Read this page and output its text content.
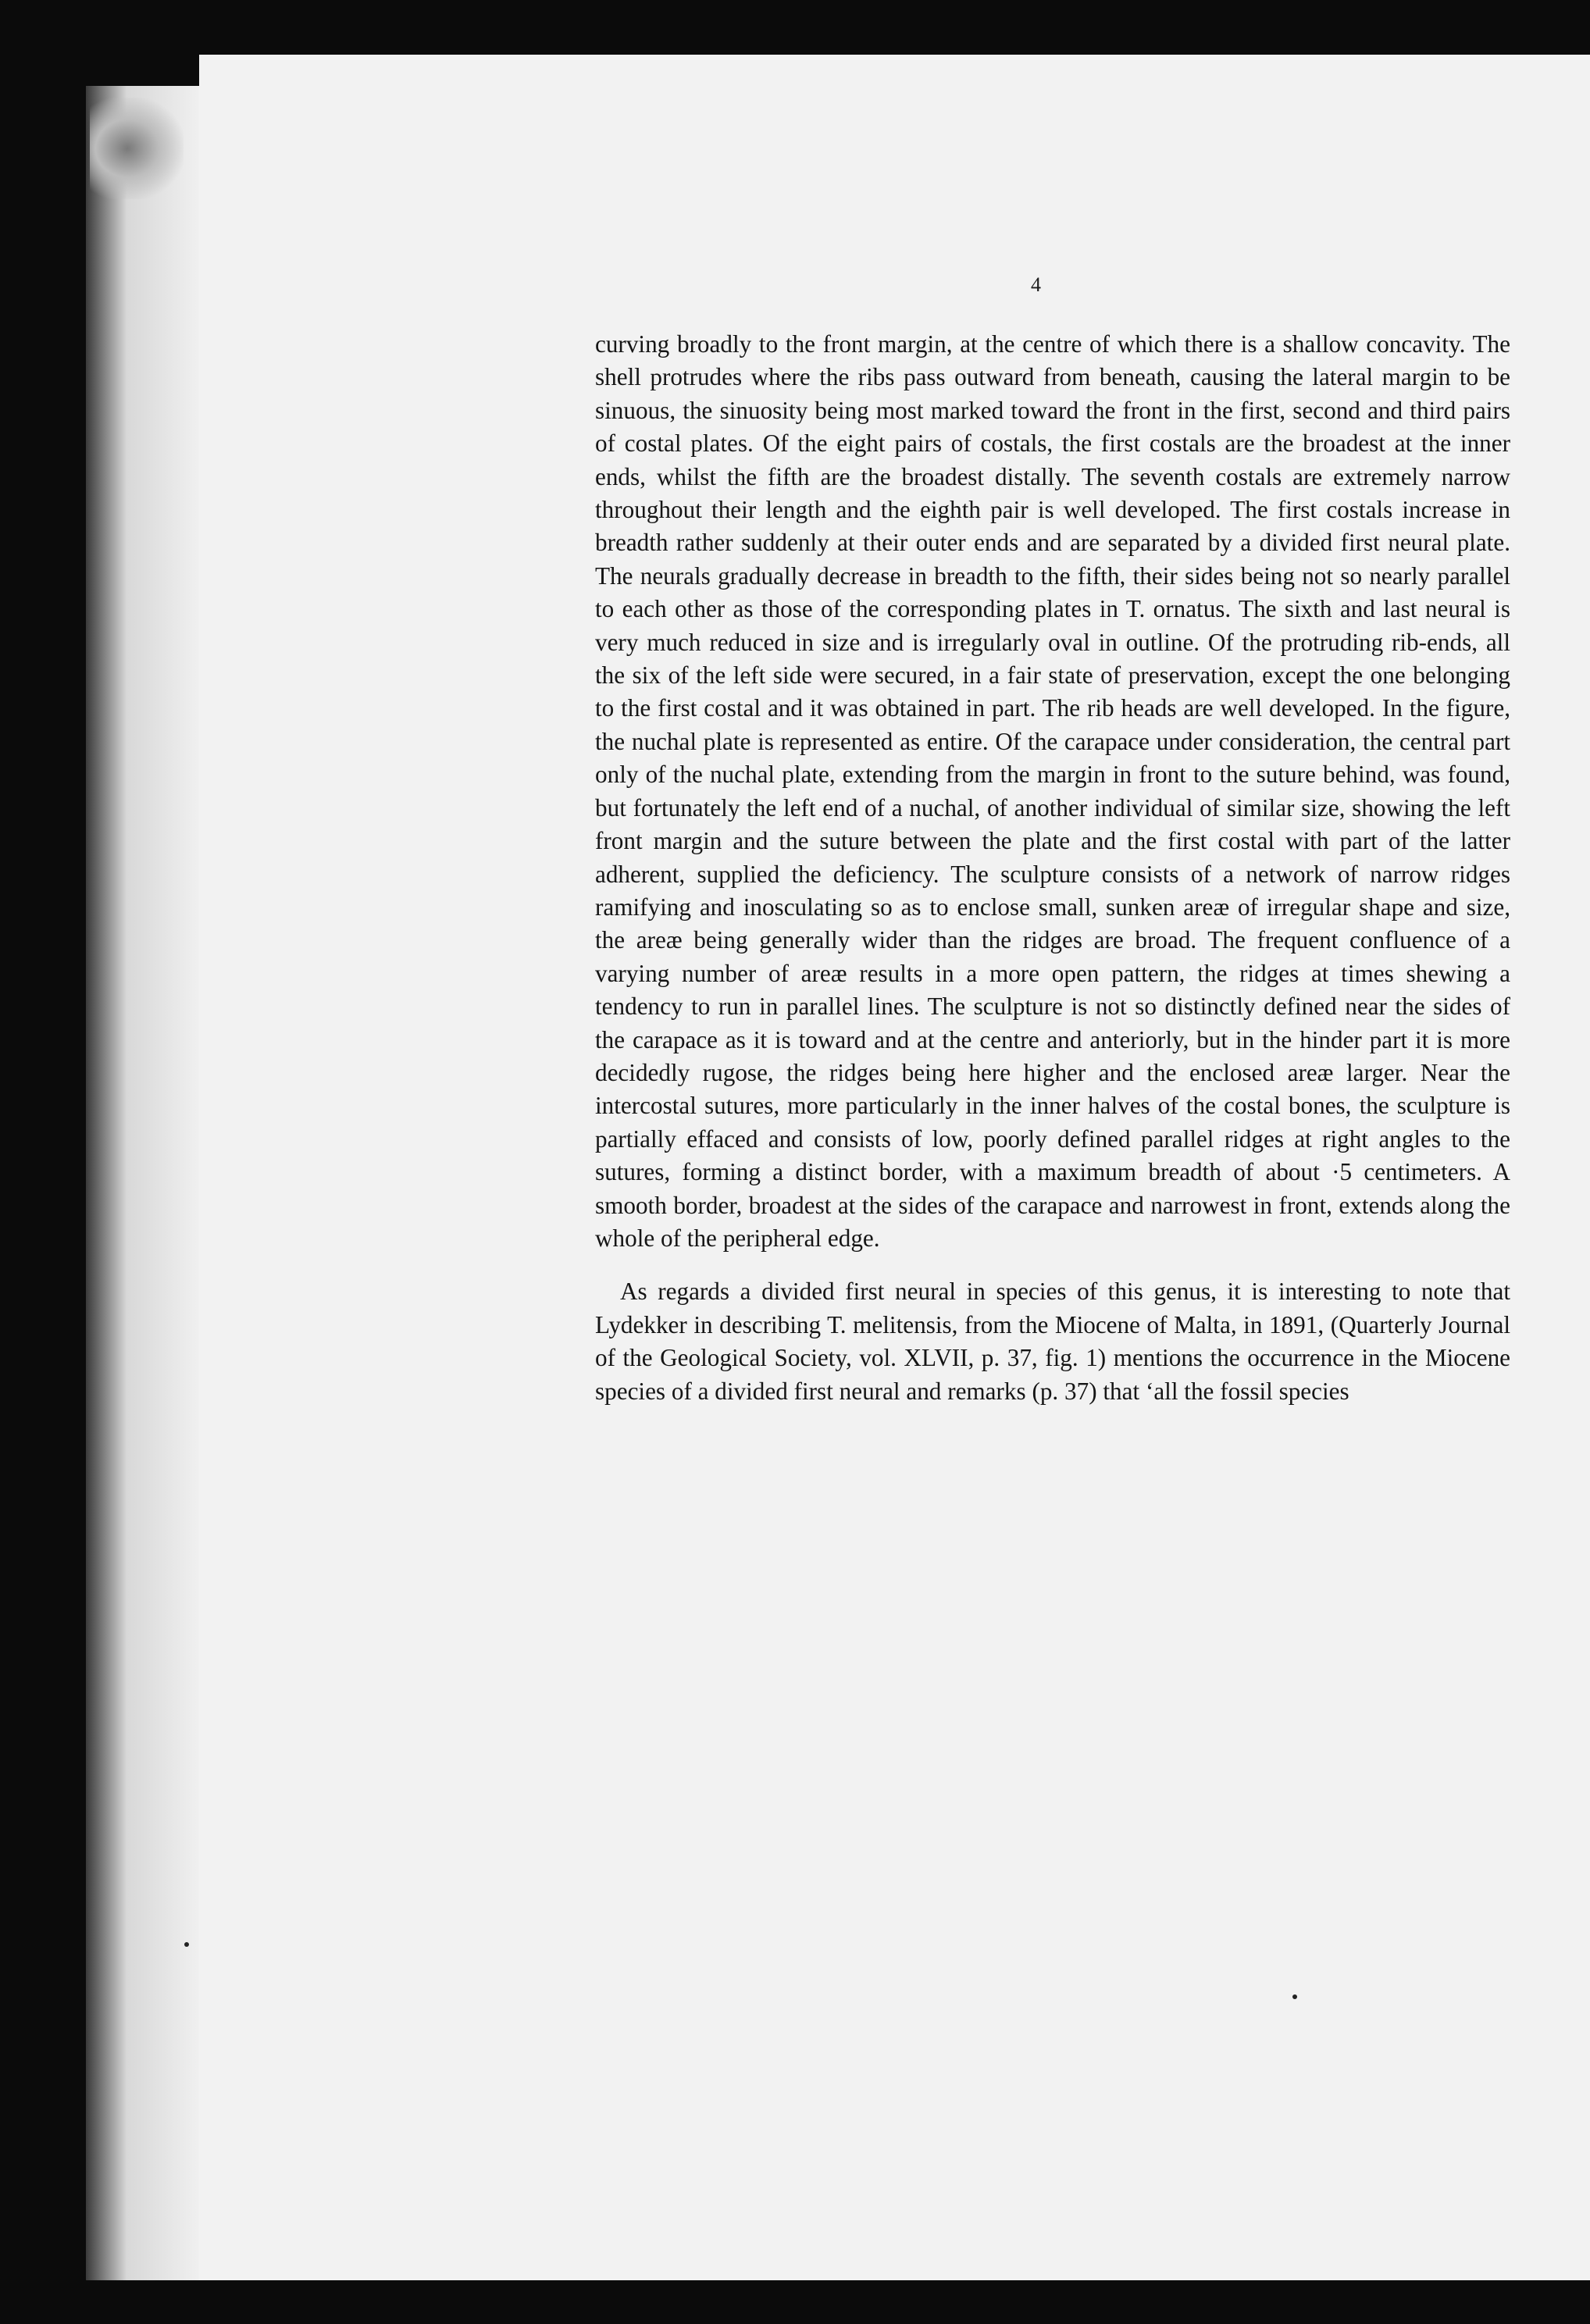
4

curving broadly to the front margin, at the centre of which there is a shallow concavity. The shell protrudes where the ribs pass outward from beneath, causing the lateral margin to be sinuous, the sinuosity being most marked toward the front in the first, second and third pairs of costal plates. Of the eight pairs of costals, the first costals are the broadest at the inner ends, whilst the fifth are the broadest distally. The seventh costals are extremely narrow throughout their length and the eighth pair is well developed. The first costals increase in breadth rather suddenly at their outer ends and are separated by a divided first neural plate. The neurals gradually decrease in breadth to the fifth, their sides being not so nearly parallel to each other as those of the corresponding plates in T. ornatus. The sixth and last neural is very much reduced in size and is irregularly oval in outline. Of the protruding rib-ends, all the six of the left side were secured, in a fair state of preservation, except the one belonging to the first costal and it was obtained in part. The rib heads are well developed. In the figure, the nuchal plate is represented as entire. Of the carapace under consideration, the central part only of the nuchal plate, extending from the margin in front to the suture behind, was found, but fortunately the left end of a nuchal, of another individual of similar size, showing the left front margin and the suture between the plate and the first costal with part of the latter adherent, supplied the deficiency. The sculpture consists of a network of narrow ridges ramifying and inosculating so as to enclose small, sunken areæ of irregular shape and size, the areæ being generally wider than the ridges are broad. The frequent confluence of a varying number of areæ results in a more open pattern, the ridges at times shewing a tendency to run in parallel lines. The sculpture is not so distinctly defined near the sides of the carapace as it is toward and at the centre and anteriorly, but in the hinder part it is more decidedly rugose, the ridges being here higher and the enclosed areæ larger. Near the intercostal sutures, more particularly in the inner halves of the costal bones, the sculpture is partially effaced and consists of low, poorly defined parallel ridges at right angles to the sutures, forming a distinct border, with a maximum breadth of about ·5 centimeters. A smooth border, broadest at the sides of the carapace and narrowest in front, extends along the whole of the peripheral edge.

As regards a divided first neural in species of this genus, it is interesting to note that Lydekker in describing T. melitensis, from the Miocene of Malta, in 1891, (Quarterly Journal of the Geological Society, vol. XLVII, p. 37, fig. 1) mentions the occurrence in the Miocene species of a divided first neural and remarks (p. 37) that ‘all the fossil species
